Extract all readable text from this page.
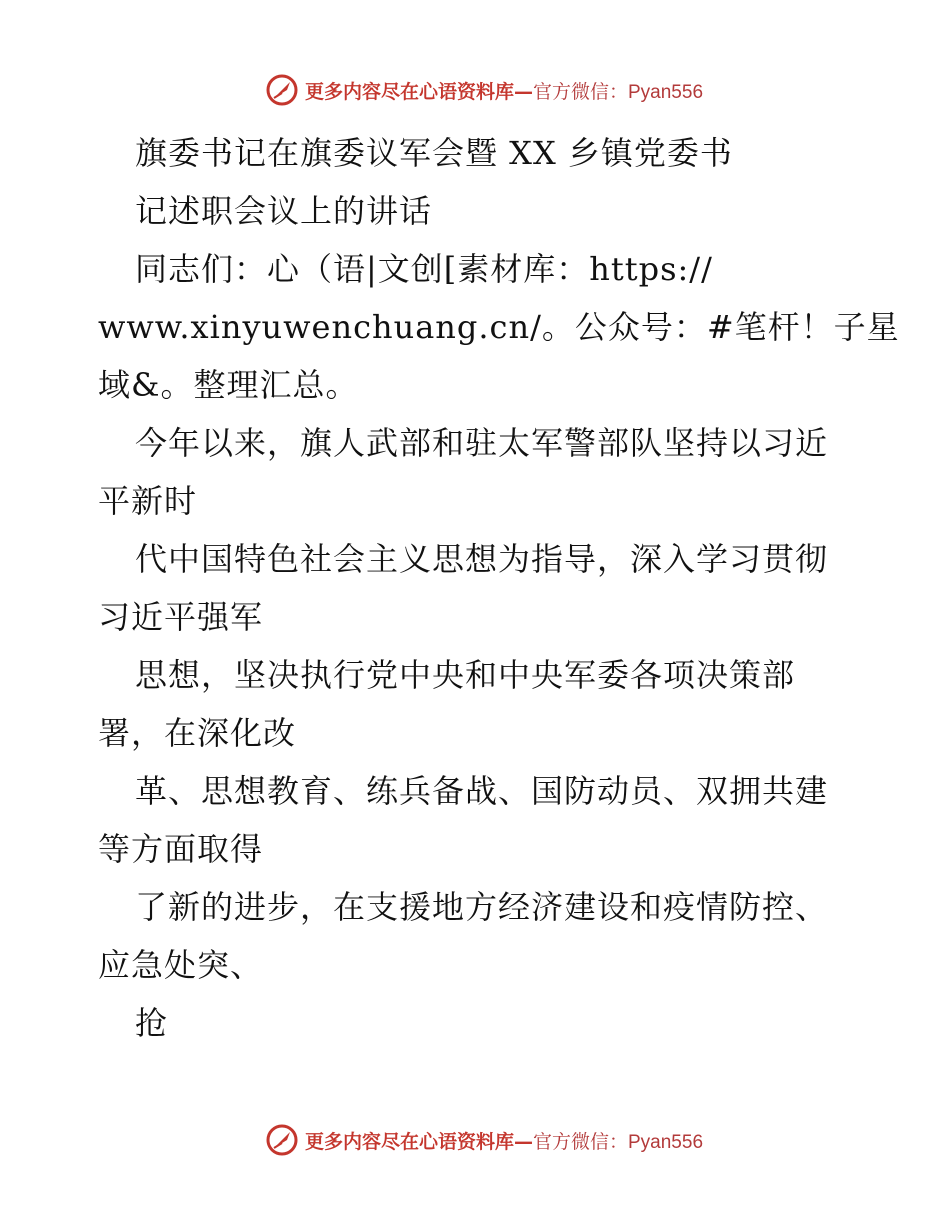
更多内容尽在心语资料库— 官方微信：Pyan556
旗委书记在旗委议军会暨 XX 乡镇党委书
记述职会议上的讲话
同志们：心（语|文创[素材库：https://
www.xinyuwenchuang.cn/。公众号：#笔杆！子星
域&。整理汇总。
今年以来，旗人武部和驻太军警部队坚持以习近
平新时
代中国特色社会主义思想为指导，深入学习贯彻
习近平强军
思想，坚决执行党中央和中央军委各项决策部
署，在深化改
革、思想教育、练兵备战、国防动员、双拥共建
等方面取得
了新的进步，在支援地方经济建设和疫情防控、
应急处突、
抢
更多内容尽在心语资料库— 官方微信：Pyan556
